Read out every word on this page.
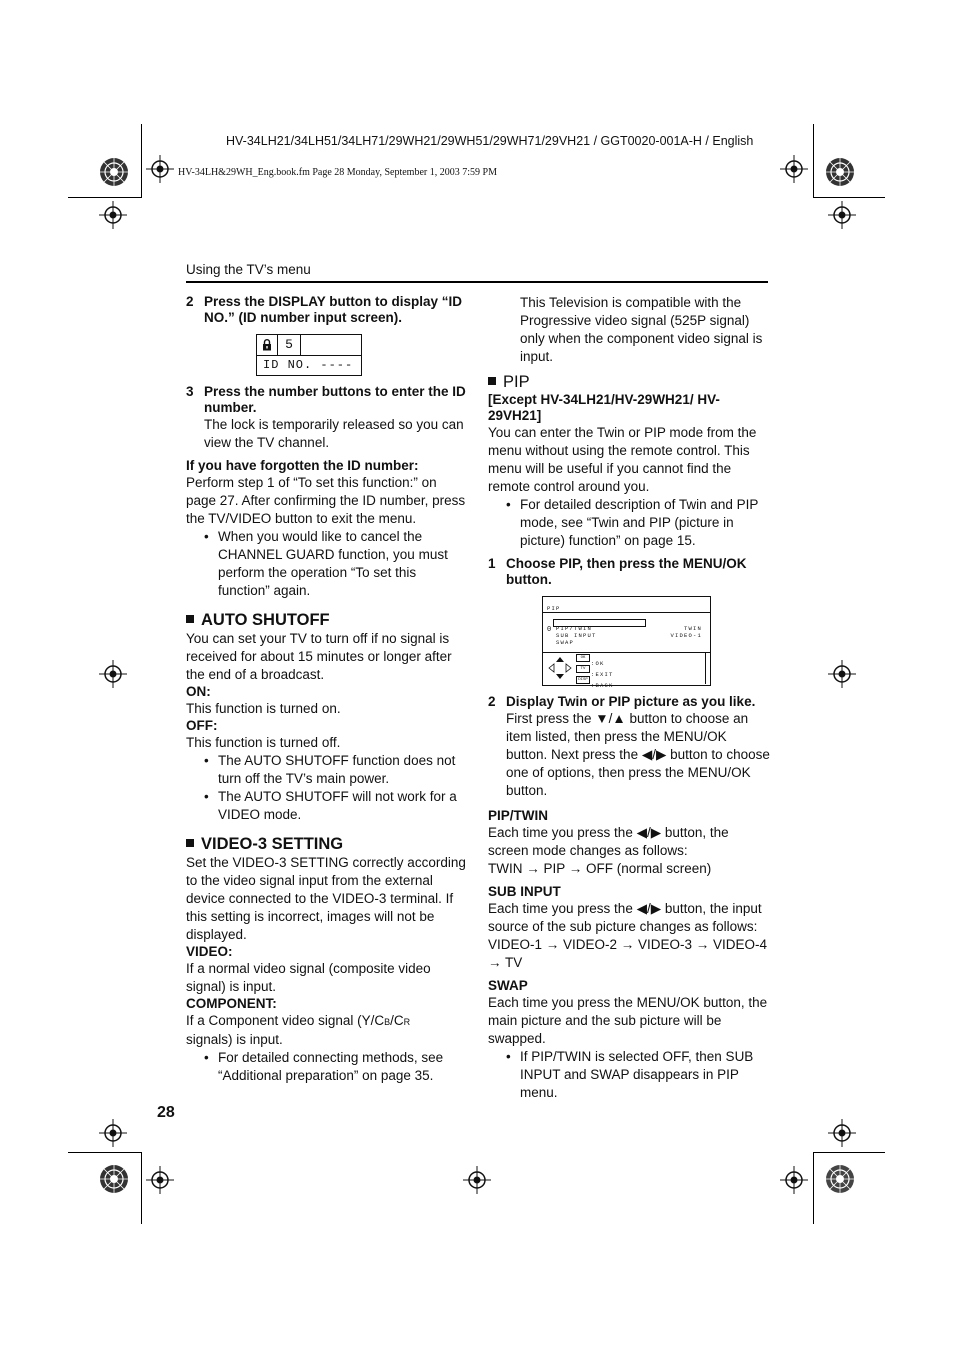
HV-34LH21/34LH51/34LH71/29WH21/29WH51/29WH71/29VH21 / GGT0020-001A-H / English
HV-34LH&29WH_Eng.book.fm Page 28 Monday, September 1, 2003 7:59 PM
Using the TV’s menu
28
2 Press the DISPLAY button to display “ID NO.” (ID number input screen).
5
ID NO. ----
3 Press the number buttons to enter the ID number.

The lock is temporarily released so you can view the TV channel.

If you have forgotten the ID number:

Perform step 1 of “To set this function:” on page 27. After confirming the ID number, press the TV/VIDEO button to exit the menu.

• When you would like to cancel the CHANNEL GUARD function, you must perform the operation “To set this function” again.
AUTO SHUTOFF

You can set your TV to turn off if no signal is received for about 15 minutes or longer after the end of a broadcast.

ON:

This function is turned on.

OFF:

This function is turned off.

• The AUTO SHUTOFF function does not turn off the TV’s main power.
• The AUTO SHUTOFF will not work for a VIDEO mode.
VIDEO-3 SETTING

Set the VIDEO-3 SETTING correctly according to the video signal input from the external device connected to the VIDEO-3 terminal. If this setting is incorrect, images will not be displayed.

VIDEO:

If a normal video signal (composite video signal) is input.

COMPONENT:

If a Component video signal (Y/CB/CR
signals) is input.

• For detailed connecting methods, see “Additional preparation” on page 35.

This Television is compatible with the Progressive video signal (525P signal) only when the component video signal is input.

PIP

[Except HV-34LH21/HV-29WH21/ HV-29VH21]

You can enter the Twin or PIP mode from the menu without using the remote control. This menu will be useful if you cannot find the remote control around you.

• For detailed description of Twin and PIP mode, see “Twin and PIP (picture in picture) function” on page 15.
1 Choose PIP, then press the MENU/OK button.
PIP
0 PIP/TWIN
SUB INPUT
SWAP
TWIN
VIDEO-1
OK
:OK
TV
:EXIT
DISP
:BACK
2 Display Twin or PIP picture as you like.

First press the ▼/▲ button to choose an item listed, then press the MENU/OK button. Next press the ◀/▶ button to choose one of options, then press the MENU/OK button.

PIP/TWIN

Each time you press the ◀/▶ button, the screen mode changes as follows:

TWIN → PIP → OFF (normal screen)

SUB INPUT

Each time you press the ◀/▶ button, the input source of the sub picture changes as follows:

VIDEO-1 → VIDEO-2 → VIDEO-3 → VIDEO-4 → TV

SWAP

Each time you press the MENU/OK button, the main picture and the sub picture will be swapped.

• If PIP/TWIN is selected OFF, then SUB INPUT and SWAP disappears in PIP menu.
